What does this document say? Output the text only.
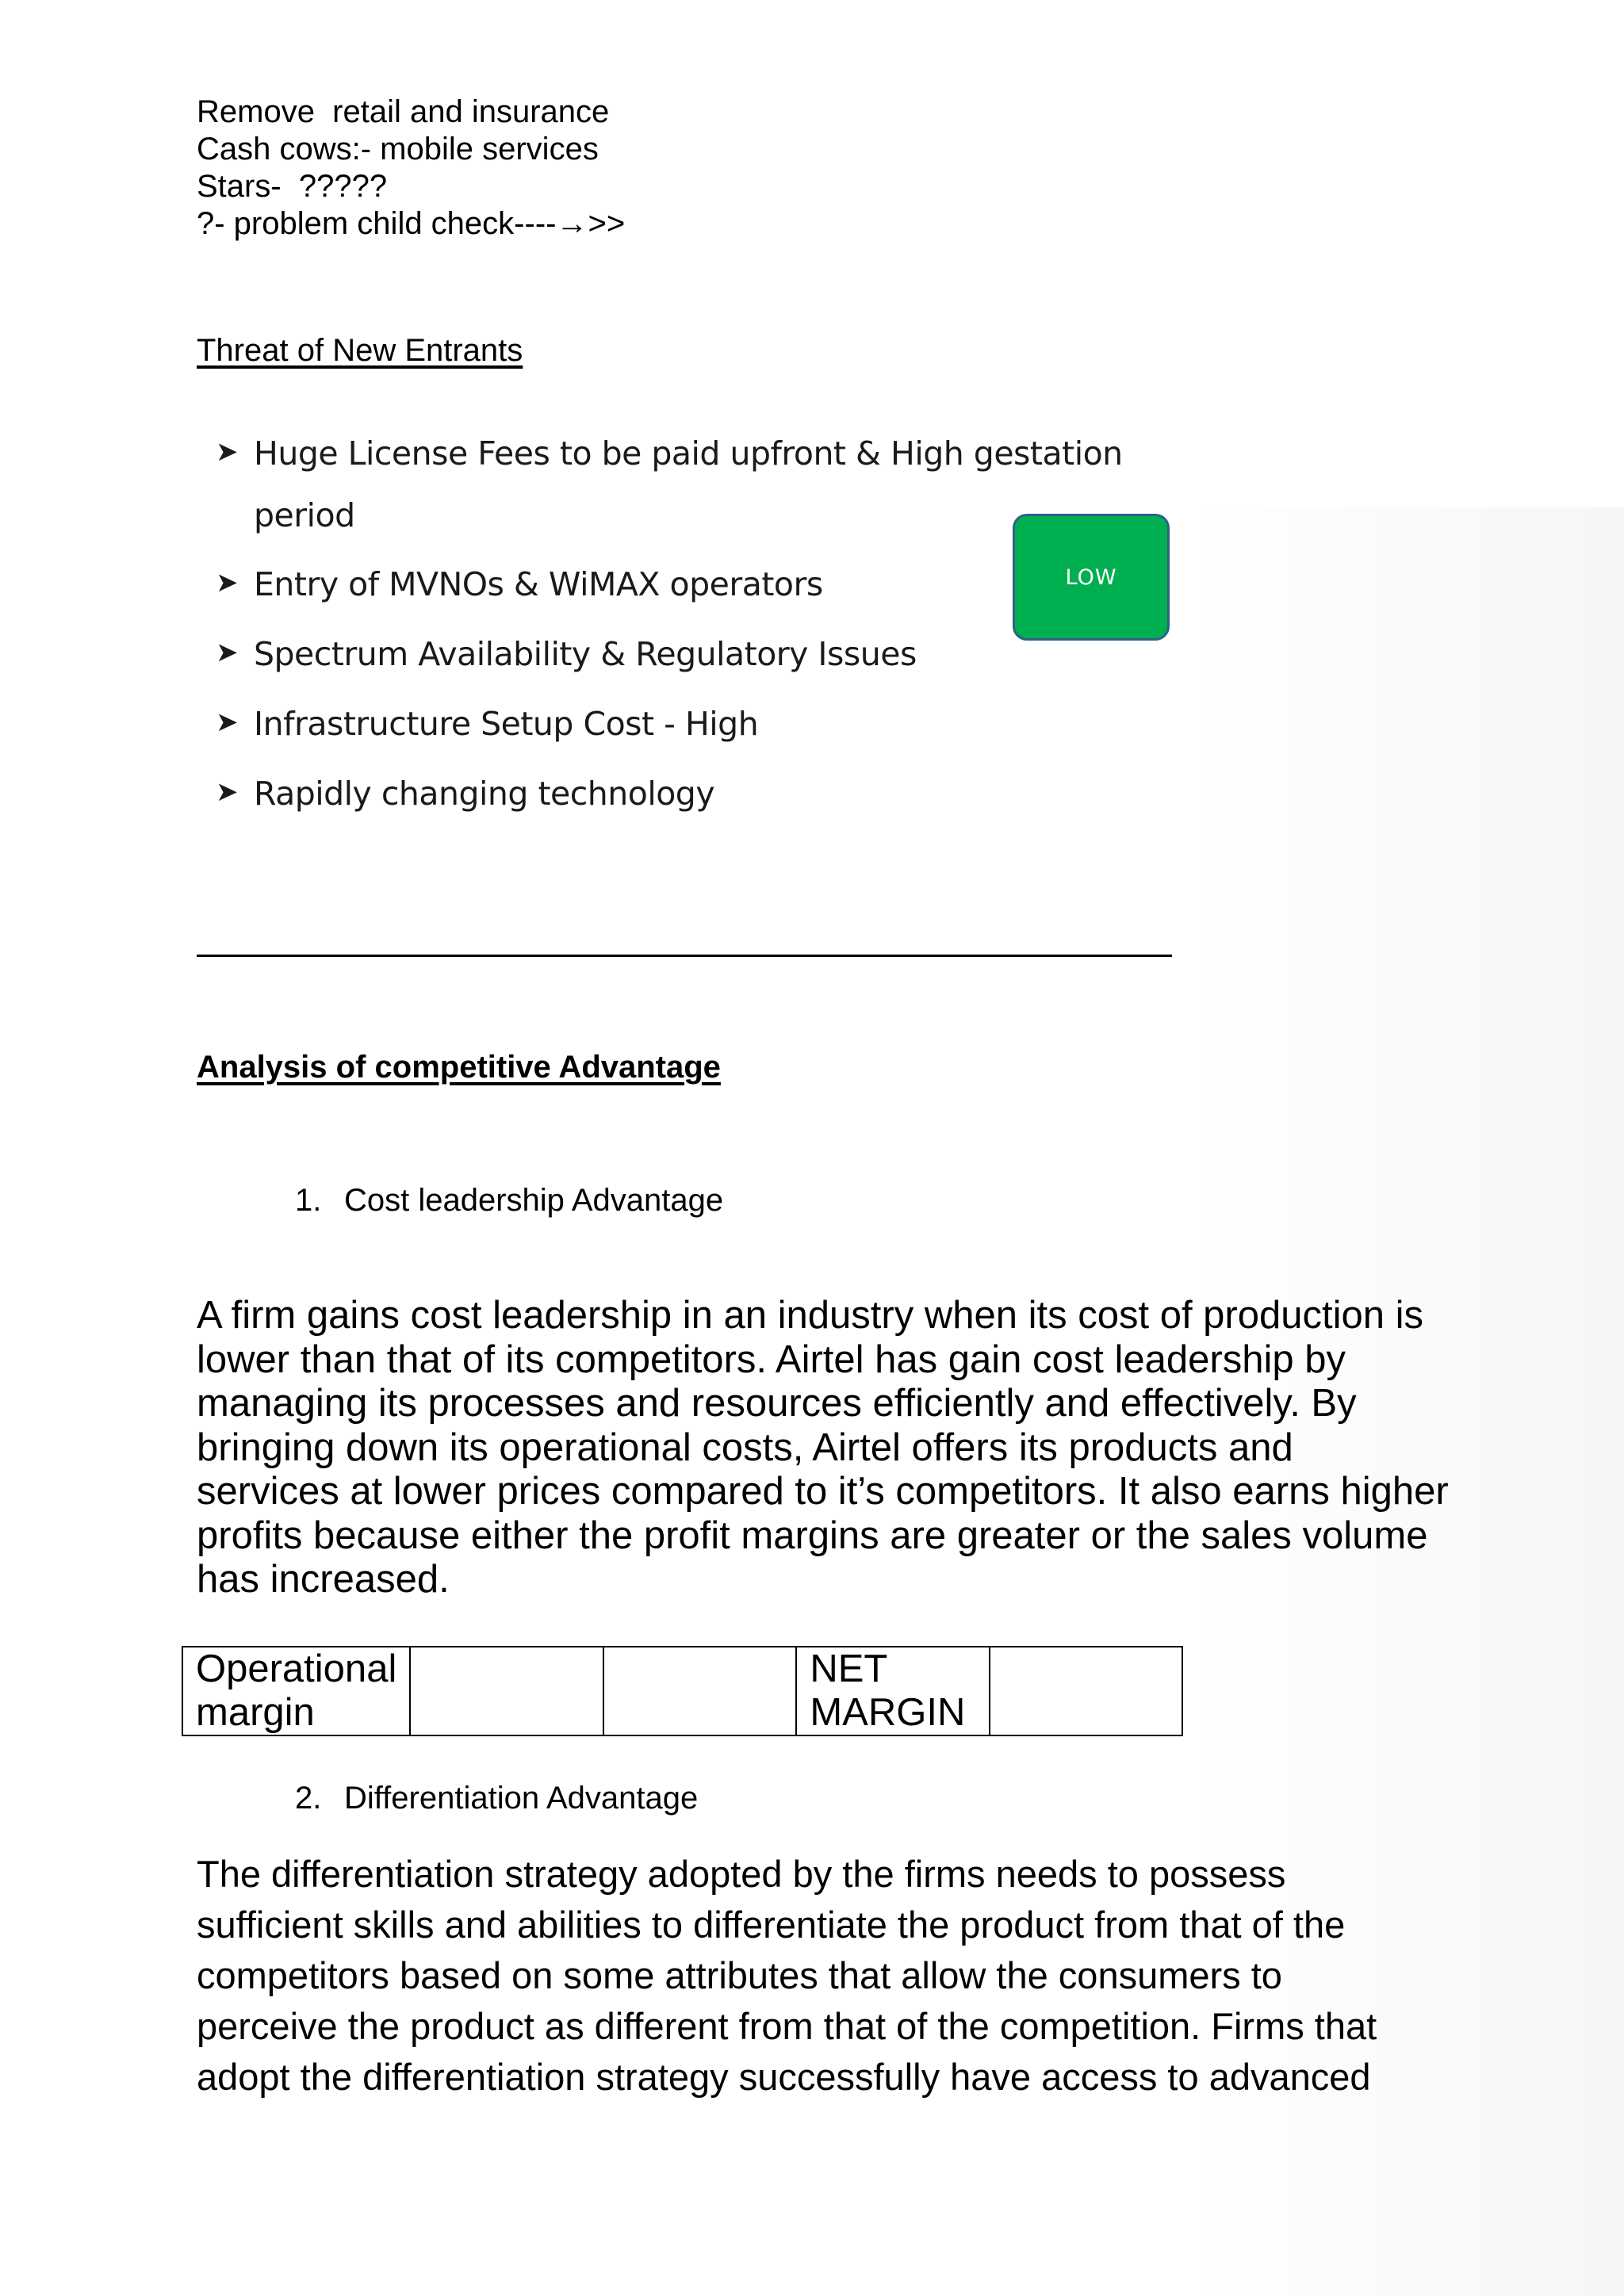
Remove  retail and insurance
Cash cows:- mobile services
Stars-  ?????
?- problem child check----→>>
Threat of New Entrants
➤ Huge License Fees to be paid upfront & High gestation
period
➤ Entry of MVNOs & WiMAX operators
➤ Spectrum Availability & Regulatory Issues
➤ Infrastructure Setup Cost - High
➤ Rapidly changing technology
LOW
Analysis of competitive Advantage
1. Cost leadership Advantage
A firm gains cost leadership in an industry when its cost of production is
lower than that of its competitors. Airtel has gain cost leadership by
managing its processes and resources efficiently and effectively. By
bringing down its operational costs, Airtel offers its products and
services at lower prices compared to it’s competitors. It also earns higher
profits because either the profit margins are greater or the sales volume
has increased.
Operational margin			NET MARGIN	
2. Differentiation Advantage
The differentiation strategy adopted by the firms needs to possess
sufficient skills and abilities to differentiate the product from that of the
competitors based on some attributes that allow the consumers to
perceive the product as different from that of the competition. Firms that
adopt the differentiation strategy successfully have access to advanced
